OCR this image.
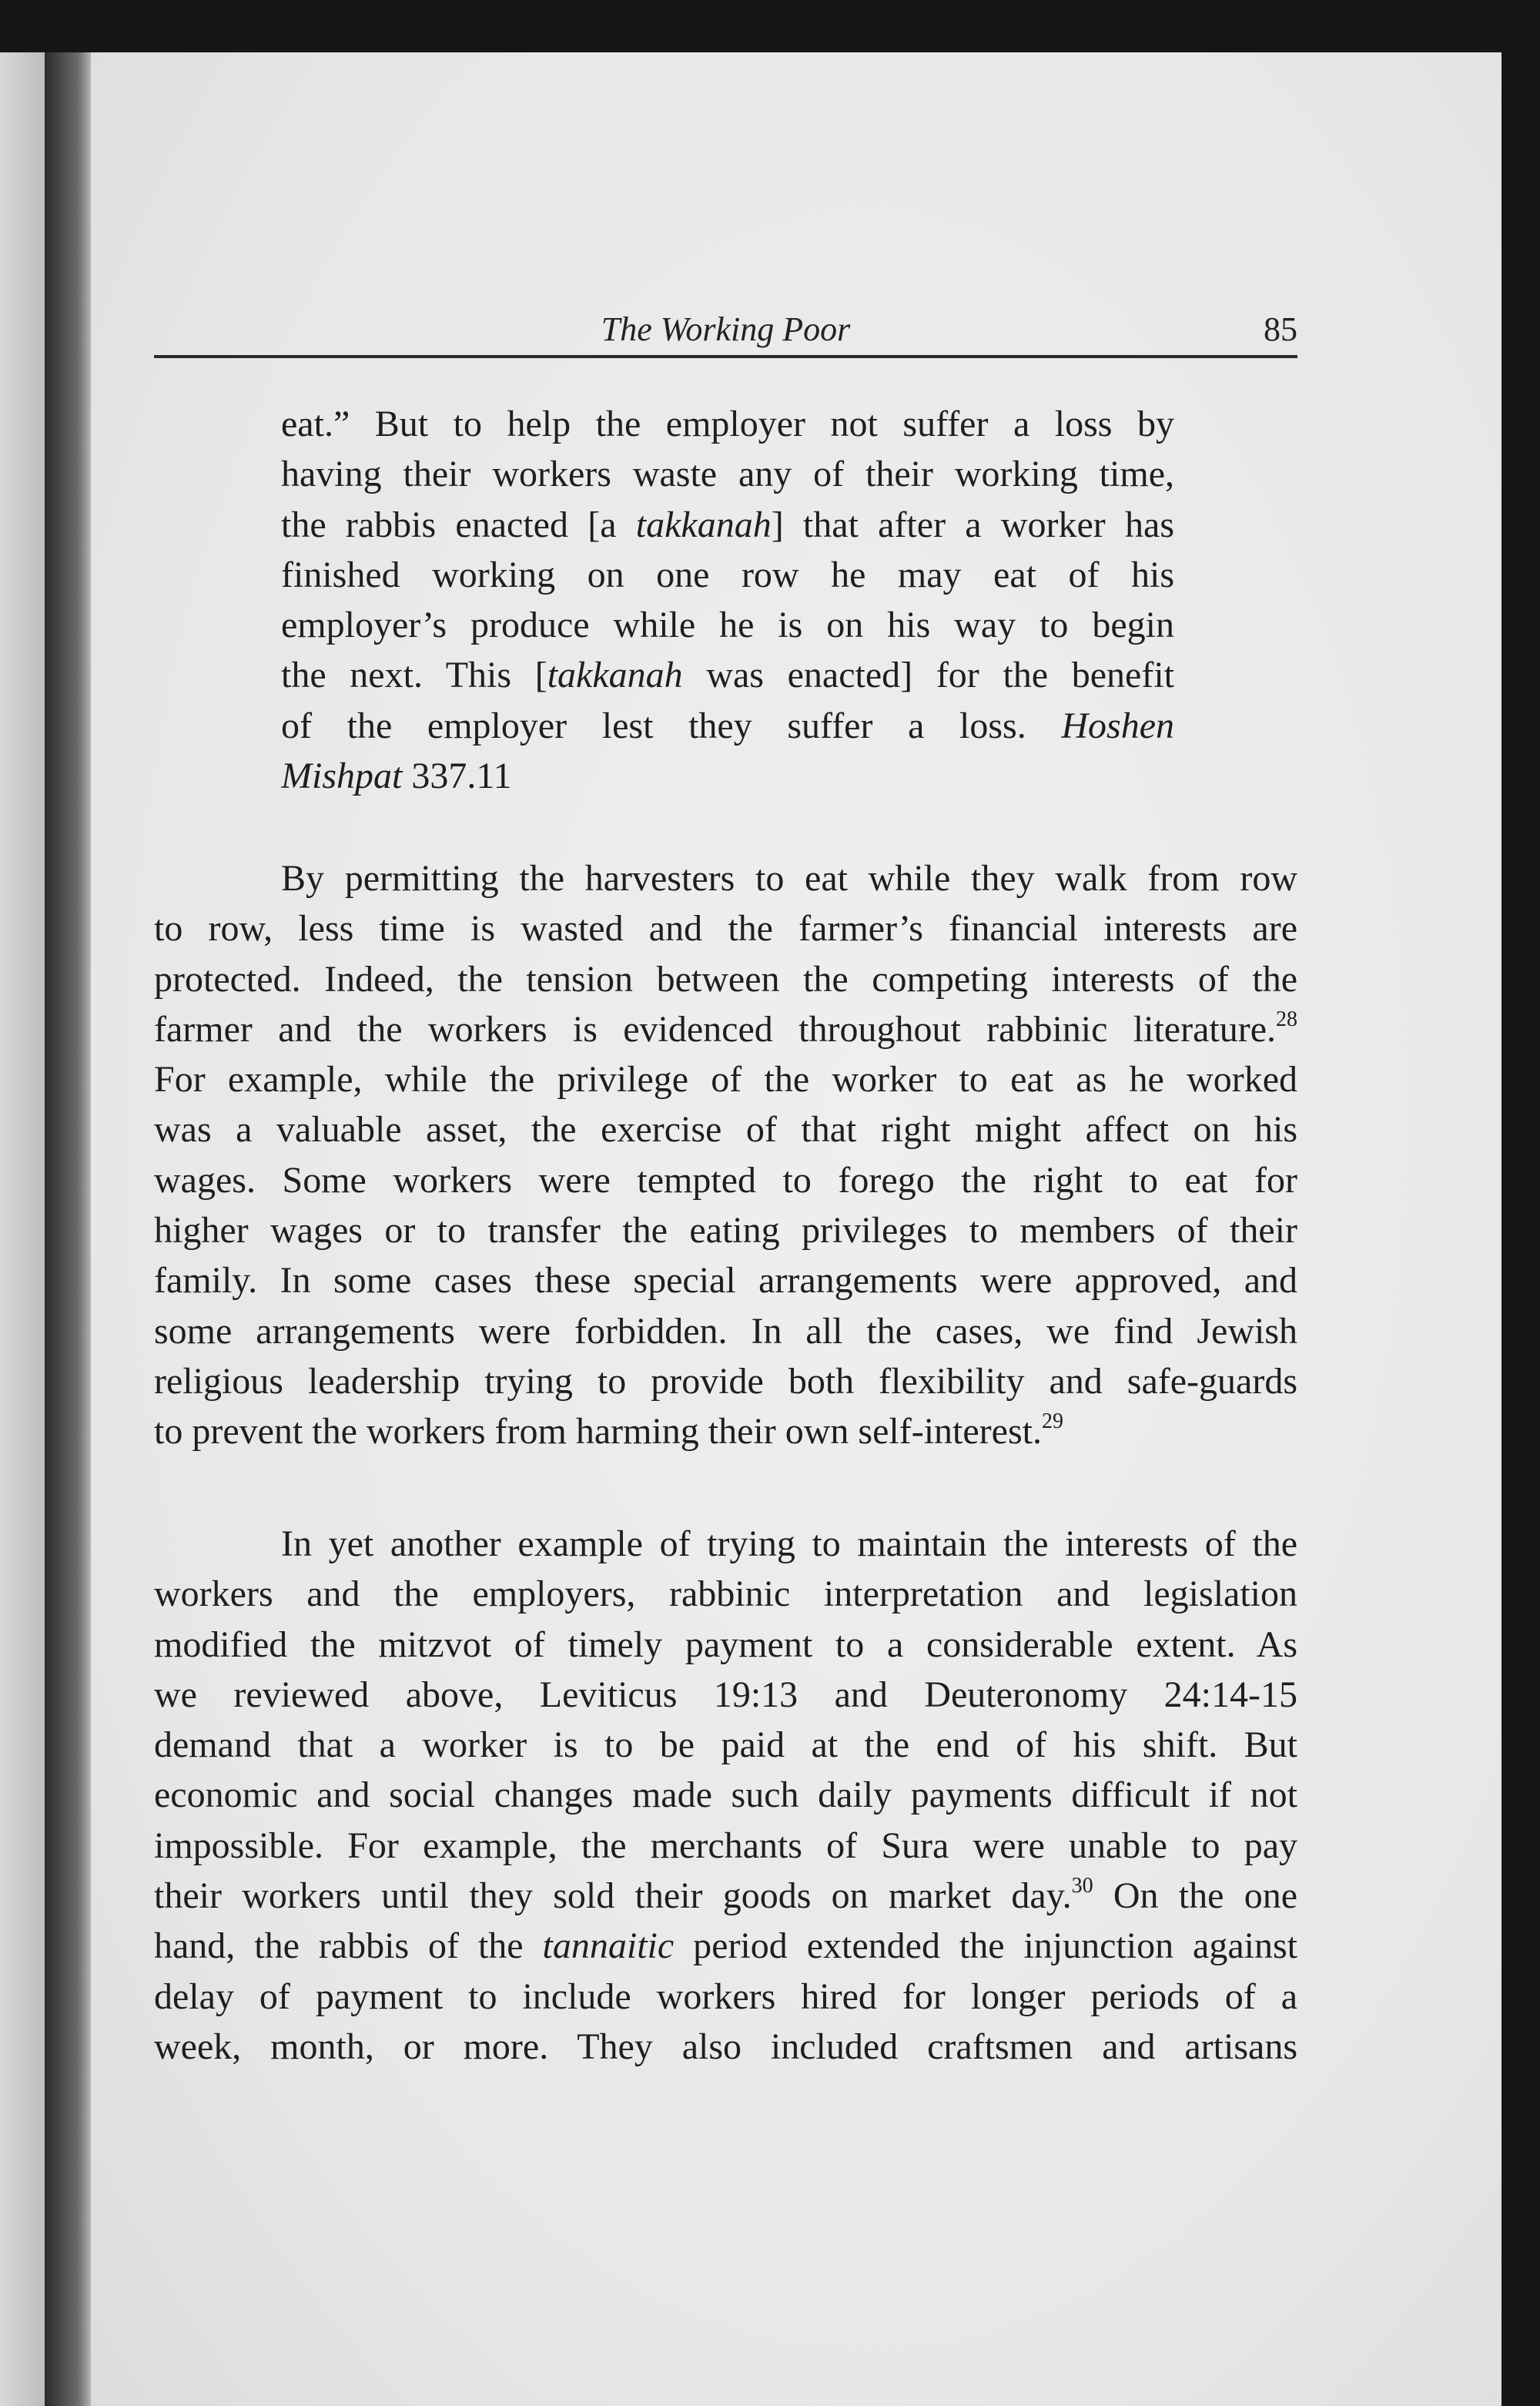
The Working Poor	85
eat.” But to help the employer not suffer a loss by
having their workers waste any of their working time,
the rabbis enacted [a takkanah] that after a worker has
finished working on one row he may eat of his
employer’s produce while he is on his way to begin
the next. This [takkanah was enacted] for the benefit
of the employer lest they suffer a loss. Hoshen
Mishpat 337.11
By permitting the harvesters to eat while they walk from row
to row, less time is wasted and the farmer’s financial interests are
protected. Indeed, the tension between the competing interests of the
farmer and the workers is evidenced throughout rabbinic literature.$^{28}$
For example, while the privilege of the worker to eat as he worked
was a valuable asset, the exercise of that right might affect on his
wages. Some workers were tempted to forego the right to eat for
higher wages or to transfer the eating privileges to members of their
family. In some cases these special arrangements were approved, and
some arrangements were forbidden. In all the cases, we find Jewish
religious leadership trying to provide both flexibility and safe-guards
to prevent the workers from harming their own self-interest.$^{29}$
In yet another example of trying to maintain the interests of the
workers and the employers, rabbinic interpretation and legislation
modified the mitzvot of timely payment to a considerable extent. As
we reviewed above, Leviticus 19:13 and Deuteronomy 24:14-15
demand that a worker is to be paid at the end of his shift. But
economic and social changes made such daily payments difficult if not
impossible. For example, the merchants of Sura were unable to pay
their workers until they sold their goods on market day.$^{30}$ On the one
hand, the rabbis of the tannaitic period extended the injunction against
delay of payment to include workers hired for longer periods of a
week, month, or more. They also included craftsmen and artisans
